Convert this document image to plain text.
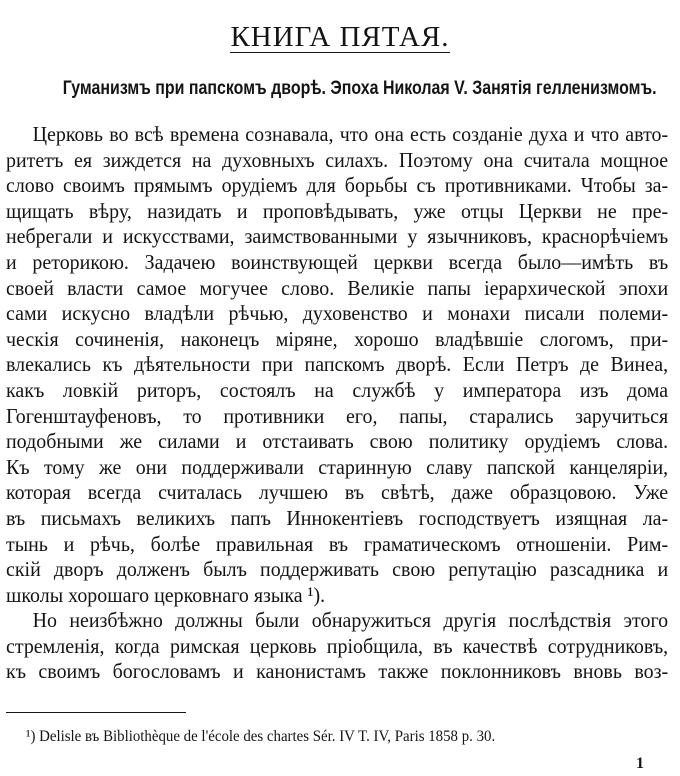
КНИГА ПЯТАЯ.
Гуманизмъ при папскомъ дворѣ. Эпоха Николая V. Занятія гелленизмомъ.
Церковь во всѣ времена сознавала, что она есть созданіе духа и что авто-
ритетъ ея зиждется на духовныхъ силахъ. Поэтому она считала мощное
слово своимъ прямымъ орудіемъ для борьбы съ противниками. Чтобы за-
щищать вѣру, назидать и проповѣдывать, уже отцы Церкви не пре-
небрегали и искусствами, заимствованными у язычниковъ, краснорѣчіемъ
и реторикою. Задачею воинствующей церкви всегда было—имѣть въ
своей власти самое могучее слово. Великіе папы іерархической эпохи
сами искусно владѣли рѣчью, духовенство и монахи писали полеми-
ческія сочиненія, наконецъ міряне, хорошо владѣвшіе слогомъ, при-
влекались къ дѣятельности при папскомъ дворѣ. Если Петръ де Винеа,
какъ ловкій риторъ, состоялъ на службѣ у императора изъ дома
Гогенштауфеновъ, то противники его, папы, старались заручиться
подобными же силами и отстаивать свою политику орудіемъ слова.
Къ тому же они поддерживали старинную славу папской канцеляріи,
которая всегда считалась лучшею въ свѣтѣ, даже образцовою. Уже
въ письмахъ великихъ папъ Иннокентіевъ господствуетъ изящная ла-
тынь и рѣчь, болѣе правильная въ граматическомъ отношеніи. Рим-
скій дворъ долженъ былъ поддерживать свою репутацію разсадника и
школы хорошаго церковнаго языка ¹).
Но неизбѣжно должны были обнаружиться другія послѣдствія этого
стремленія, когда римская церковь пріобщила, въ качествѣ сотрудниковъ,
къ своимъ богословамъ и канонистамъ также поклонниковъ вновь воз-
¹) Delisle въ Bibliothèque de l'école des chartes Sér. IV T. IV, Paris 1858 p. 30.
1
